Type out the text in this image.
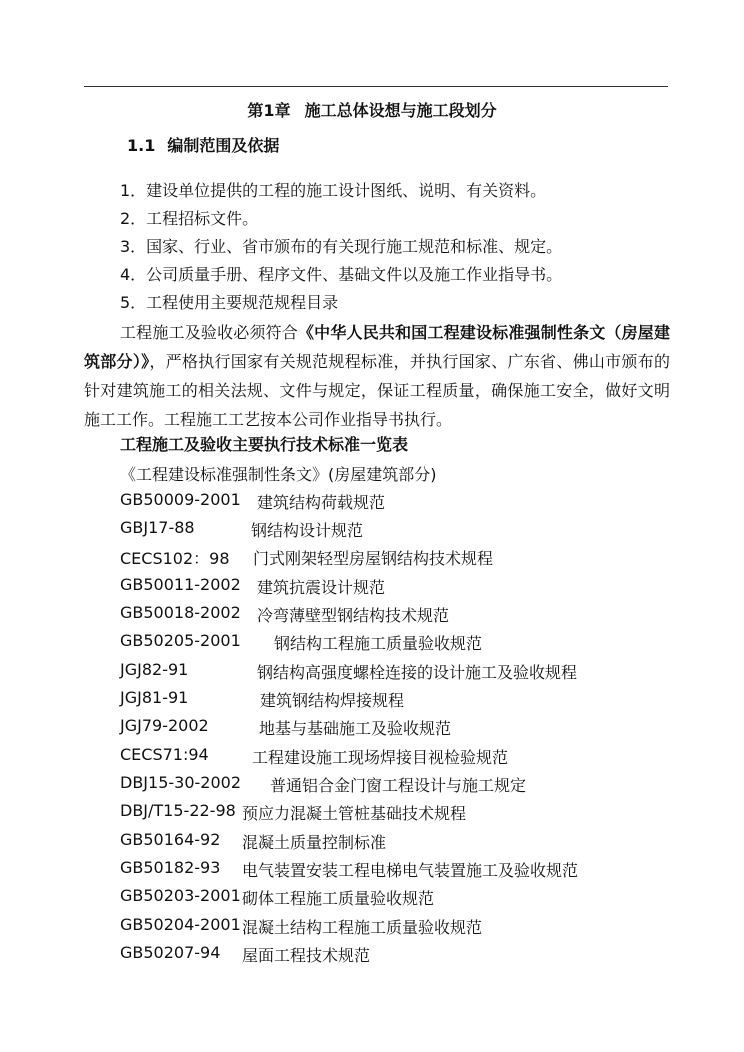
第1章 施工总体设想与施工段划分
1.1 编制范围及依据
1．建设单位提供的工程的施工设计图纸、说明、有关资料。
2．工程招标文件。
3．国家、行业、省市颁布的有关现行施工规范和标准、规定。
4．公司质量手册、程序文件、基础文件以及施工作业指导书。
5．工程使用主要规范规程目录
工程施工及验收必须符合《中华人民共和国工程建设标准强制性条文（房屋建筑部分）》，严格执行国家有关规范规程标准，并执行国家、广东省、佛山市颁布的针对建筑施工的相关法规、文件与规定，保证工程质量，确保施工安全，做好文明施工工作。工程施工工艺按本公司作业指导书执行。
工程施工及验收主要执行技术标准一览表
《工程建设标准强制性条文》(房屋建筑部分)
GB50009-2001 建筑结构荷载规范
GBJ17-88	钢结构设计规范
CECS102：98 门式刚架轻型房屋钢结构技术规程
GB50011-2002 建筑抗震设计规范
GB50018-2002 冷弯薄壁型钢结构技术规范
GB50205-2001 钢结构工程施工质量验收规范
JGJ82-91	钢结构高强度螺栓连接的设计施工及验收规程
JGJ81-91	建筑钢结构焊接规程
JGJ79-2002	地基与基础施工及验收规范
CECS71:94	工程建设施工现场焊接目视检验规范
DBJ15-30-2002 普通铝合金门窗工程设计与施工规定
DBJ/T15-22-98 预应力混凝土管桩基础技术规程
GB50164-92 混凝土质量控制标准
GB50182-93 电气装置安装工程电梯电气装置施工及验收规范
GB50203-2001 砌体工程施工质量验收规范
GB50204-2001 混凝土结构工程施工质量验收规范
GB50207-94 屋面工程技术规范
